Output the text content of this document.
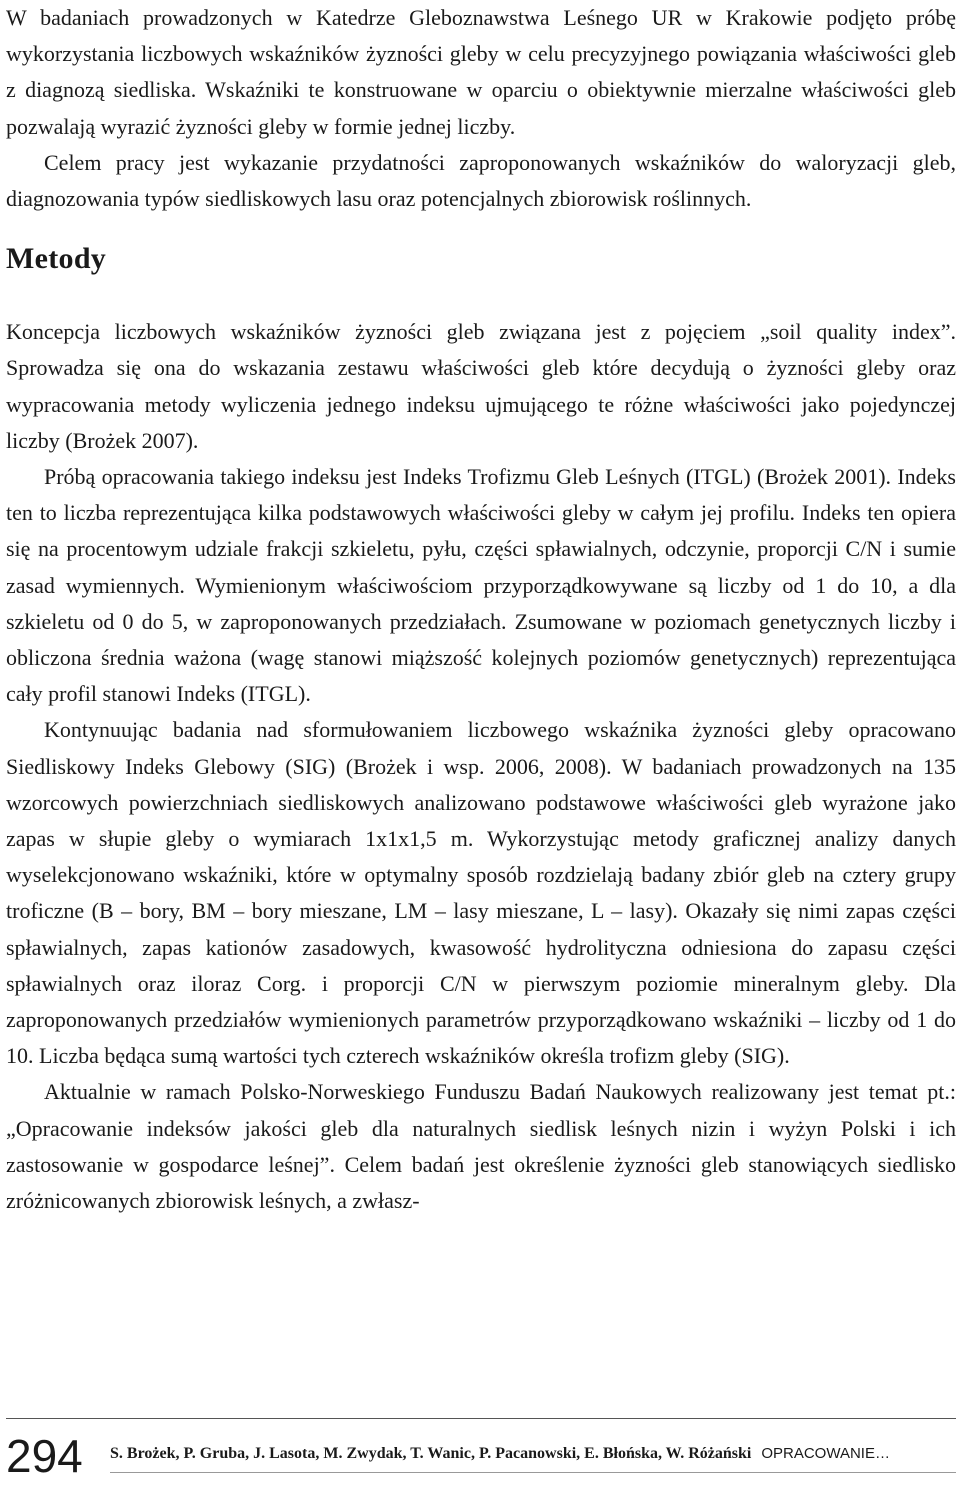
W badaniach prowadzonych w Katedrze Gleboznawstwa Leśnego UR w Krakowie podjęto próbę wykorzystania liczbowych wskaźników żyzności gleby w celu precyzyjnego powiązania właściwości gleb z diagnozą siedliska. Wskaźniki te konstruowane w oparciu o obiektywnie mierzalne właściwości gleb pozwalają wyrazić żyzności gleby w formie jednej liczby.

Celem pracy jest wykazanie przydatności zaproponowanych wskaźników do waloryzacji gleb, diagnozowania typów siedliskowych lasu oraz potencjalnych zbiorowisk roślinnych.

Metody

Koncepcja liczbowych wskaźników żyzności gleb związana jest z pojęciem „soil quality index”. Sprowadza się ona do wskazania zestawu właściwości gleb które decydują o żyzności gleby oraz wypracowania metody wyliczenia jednego indeksu ujmującego te różne właściwości jako pojedynczej liczby (Brożek 2007).

Próbą opracowania takiego indeksu jest Indeks Trofizmu Gleb Leśnych (ITGL) (Brożek 2001). Indeks ten to liczba reprezentująca kilka podstawowych właściwości gleby w całym jej profilu. Indeks ten opiera się na procentowym udziale frakcji szkieletu, pyłu, części spławialnych, odczynie, proporcji C/N i sumie zasad wymiennych. Wymienionym właściwościom przyporządkowywane są liczby od 1 do 10, a dla szkieletu od 0 do 5, w zaproponowanych przedziałach. Zsumowane w poziomach genetycznych liczby i obliczona średnia ważona (wagę stanowi miąższość kolejnych poziomów genetycznych) reprezentująca cały profil stanowi Indeks (ITGL).

Kontynuując badania nad sformułowaniem liczbowego wskaźnika żyzności gleby opracowano Siedliskowy Indeks Glebowy (SIG) (Brożek i wsp. 2006, 2008). W badaniach prowadzonych na 135 wzorcowych powierzchniach siedliskowych analizowano podstawowe właściwości gleb wyrażone jako zapas w słupie gleby o wymiarach 1x1x1,5 m. Wykorzystując metody graficznej analizy danych wyselekcjonowano wskaźniki, które w optymalny sposób rozdzielają badany zbiór gleb na cztery grupy troficzne (B – bory, BM – bory mieszane, LM – lasy mieszane, L – lasy). Okazały się nimi zapas części spławialnych, zapas kationów zasadowych, kwasowość hydrolityczna odniesiona do zapasu części spławialnych oraz iloraz Corg. i proporcji C/N w pierwszym poziomie mineralnym gleby. Dla zaproponowanych przedziałów wymienionych parametrów przyporządkowano wskaźniki – liczby od 1 do 10. Liczba będąca sumą wartości tych czterech wskaźników określa trofizm gleby (SIG).

Aktualnie w ramach Polsko-Norweskiego Funduszu Badań Naukowych realizowany jest temat pt.: „Opracowanie indeksów jakości gleb dla naturalnych siedlisk leśnych nizin i wyżyn Polski i ich zastosowanie w gospodarce leśnej”. Celem badań jest określenie żyzności gleb stanowiących siedlisko zróżnicowanych zbiorowisk leśnych, a zwłasz-

294 S. Brożek, P. Gruba, J. Lasota, M. Zwydak, T. Wanic, P. Pacanowski, E. Błońska, W. Różański OPRACOWANIE…
